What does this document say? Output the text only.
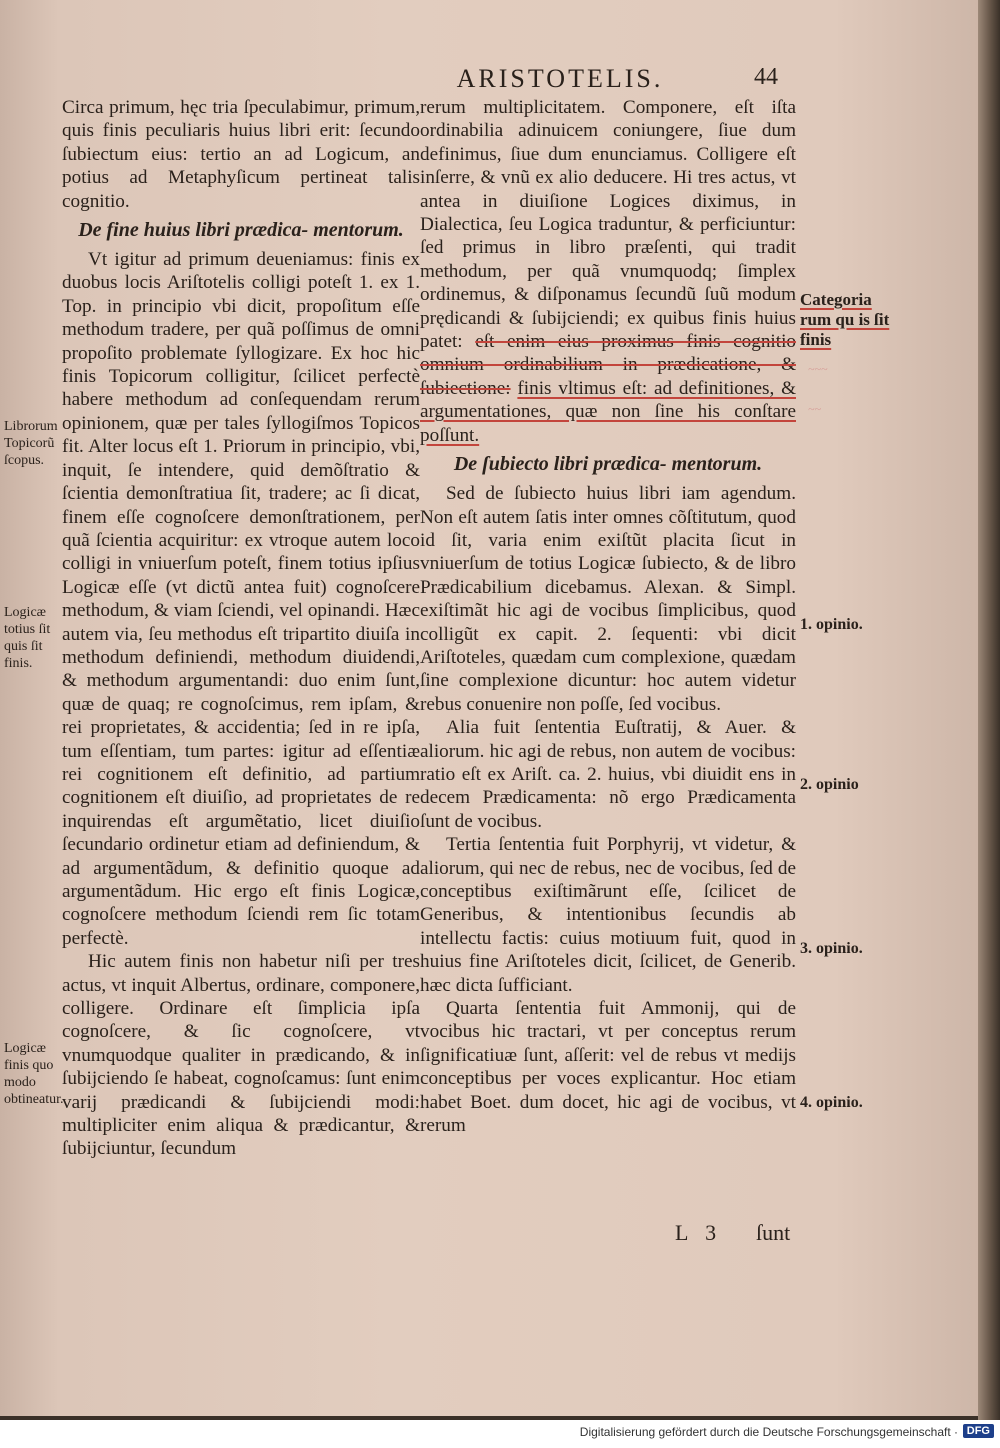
ARISTOTELIS.	44

Circa primum, hęc tria ſpeculabimur, primum, quis finis peculiaris huius libri erit: ſecundo ſubiectum eius: tertio an ad Logicum, an potius ad Metaphyſicum pertineat talis cognitio.

De fine huius libri prædica- mentorum.

Vt igitur ad primum deueniamus: finis ex duobus locis Ariſtotelis colligi poteſt 1. ex 1. Top. in principio vbi dicit, propoſitum eſſe methodum tradere, per quã poſſimus de omni propoſito problemate ſyllogizare. Ex hoc hic finis Topicorum colligitur, ſcilicet perfectè habere methodum ad conſequendam rerum opinionem, quæ per tales ſyllogiſmos Topicos fit. Alter locus eſt 1. Priorum in principio, vbi, inquit, ſe intendere, quid demõſtratio & ſcientia demonſtratiua ſit, tradere; ac ſi dicat, finem eſſe cognoſcere demonſtrationem, per quã ſcientia acquiritur: ex vtroque autem loco colligi in vniuerſum poteſt, finem totius ipſius Logicæ eſſe (vt dictũ antea fuit) cognoſcere methodum, & viam ſciendi, vel opinandi. Hæc autem via, ſeu methodus eſt tripartito diuiſa in methodum definiendi, methodum diuidendi, & methodum argumentandi: duo enim ſunt, quæ de quaq; re cognoſcimus, rem ipſam, & rei proprietates, & accidentia; ſed in re ipſa, tum eſſentiam, tum partes: igitur ad eſſentiæ rei cognitionem eſt definitio, ad partium cognitionem eſt diuiſio, ad proprietates de re inquirendas eſt argumẽtatio, licet diuiſio ſecundario ordinetur etiam ad definiendum, & ad argumentãdum, & definitio quoque ad argumentãdum. Hic ergo eſt finis Logicæ, cognoſcere methodum ſciendi rem ſic totam perfectè.

Hic autem finis non habetur niſi per tres actus, vt inquit Albertus, ordinare, componere, colligere. Ordinare eſt ſimplicia ipſa cognoſcere, & ſic cognoſcere, vt vnumquodque qualiter in prædicando, & in ſubijciendo ſe habeat, cognoſcamus: ſunt enim varij prædicandi & ſubijciendi modi: multipliciter enim aliqua & prædicantur, & ſubijciuntur, ſecundum

rerum multiplicitatem. Componere, eſt iſta ordinabilia adinuicem coniungere, ſiue dum definimus, ſiue dum enunciamus. Colligere eſt inſerre, & vnũ ex alio deducere. Hi tres actus, vt antea in diuiſione Logices diximus, in Dialectica, ſeu Logica traduntur, & perficiuntur: ſed primus in libro præſenti, qui tradit methodum, per quã vnumquodq; ſimplex ordinemus, & diſponamus ſecundũ ſuũ modum prędicandi & ſubijciendi; ex quibus finis huius patet: eſt enim eius proximus finis cognitio omnium ordinabilium in prædicatione, & ſubiectione: finis vltimus eſt: ad definitiones, & argumentationes, quæ non ſine his conſtare poſſunt.

De ſubiecto libri prædica- mentorum.

Sed de ſubiecto huius libri iam agendum. Non eſt autem ſatis inter omnes cõſtitutum, quod id ſit, varia enim exiſtũt placita ſicut in vniuerſum de totius Logicæ ſubiecto, & de libro Prædicabilium dicebamus. Alexan. & Simpl. exiſtimãt hic agi de vocibus ſimplicibus, quod colligũt ex capit. 2. ſequenti: vbi dicit Ariſtoteles, quædam cum complexione, quædam ſine complexione dicuntur: hoc autem videtur rebus conuenire non poſſe, ſed vocibus.

Alia fuit ſententia Euſtratij, & Auer. & aliorum. hic agi de rebus, non autem de vocibus: ratio eſt ex Ariſt. ca. 2. huius, vbi diuidit ens in decem Prædicamenta: nõ ergo Prædicamenta ſunt de vocibus.

Tertia ſententia fuit Porphyrij, vt videtur, & aliorum, qui nec de rebus, nec de vocibus, ſed de conceptibus exiſtimãrunt eſſe, ſcilicet de Generibus, & intentionibus ſecundis ab intellectu factis: cuius motiuum fuit, quod in huius fine Ariſtoteles dicit, ſcilicet, de Generib. hæc dicta ſufficiant.

Quarta ſententia fuit Ammonij, qui de vocibus hic tractari, vt per conceptus rerum ſignificatiuæ ſunt, aſſerit: vel de rebus vt medijs conceptibus per voces explicantur. Hoc etiam habet Boet. dum docet, hic agi de vocibus, vt rerum

Librorum Topicorũ ſcopus.
Logicæ totius ſit quis ſit finis.
Logicæ finis quo modo obtineatur.
Categoria rum qu is ſit finis
~~~
~~
1. opinio.
2. opinio
3. opinio.
4. opinio.
L 3 ſunt
Digitalisierung gefördert durch die Deutsche Forschungsgemeinschaft · DFG
